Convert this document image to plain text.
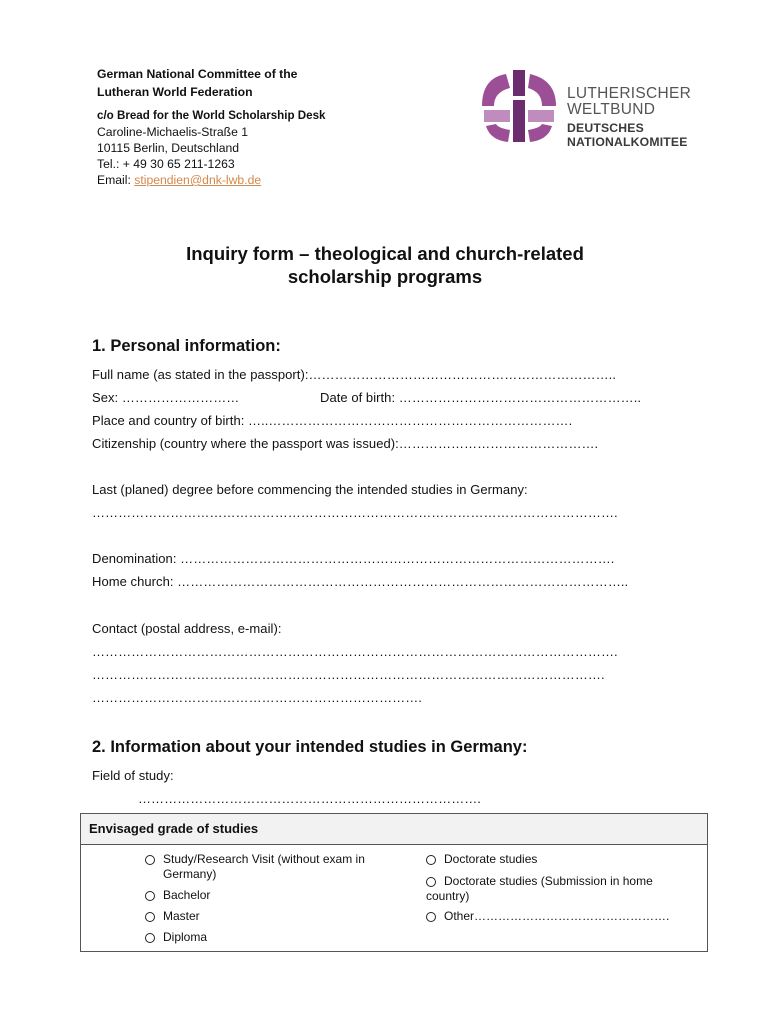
German National Committee of the
Lutheran World Federation
c/o Bread for the World Scholarship Desk
Caroline-Michaelis-Straße 1
10115 Berlin, Deutschland
Tel.: + 49 30 65 211-1263
Email: stipendien@dnk-lwb.de
LUTHERISCHER
WELTBUND
DEUTSCHES
NATIONALKOMITEE
Inquiry form – theological and church-related
scholarship programs
1. Personal information:
Full name (as stated in the passport):……………………………………………………………..
Sex: ………………………	Date of birth: ………………………………………………..
Place and country of birth: …..…………………………………………………………….
Citizenship (country where the passport was issued):……………………………………….
Last (planed) degree before commencing the intended studies in Germany:
………………………………………………………………………………………………………….
Denomination: ……………………………………………………………………………………….
Home church: …………………………………………………………………………………………..
Contact (postal address, e-mail):
………………………………………………………………………………………………………….
……………………………………………………………………………………………………….
………………………………………………………………….
2. Information about your intended studies in Germany:
Field of study:
…………………………………………………………………….
Envisaged grade of studies
Study/Research Visit (without exam in Germany)
Bachelor
Master
Diploma
Doctorate studies
Doctorate studies (Submission in home country)
Other………………………………………….
